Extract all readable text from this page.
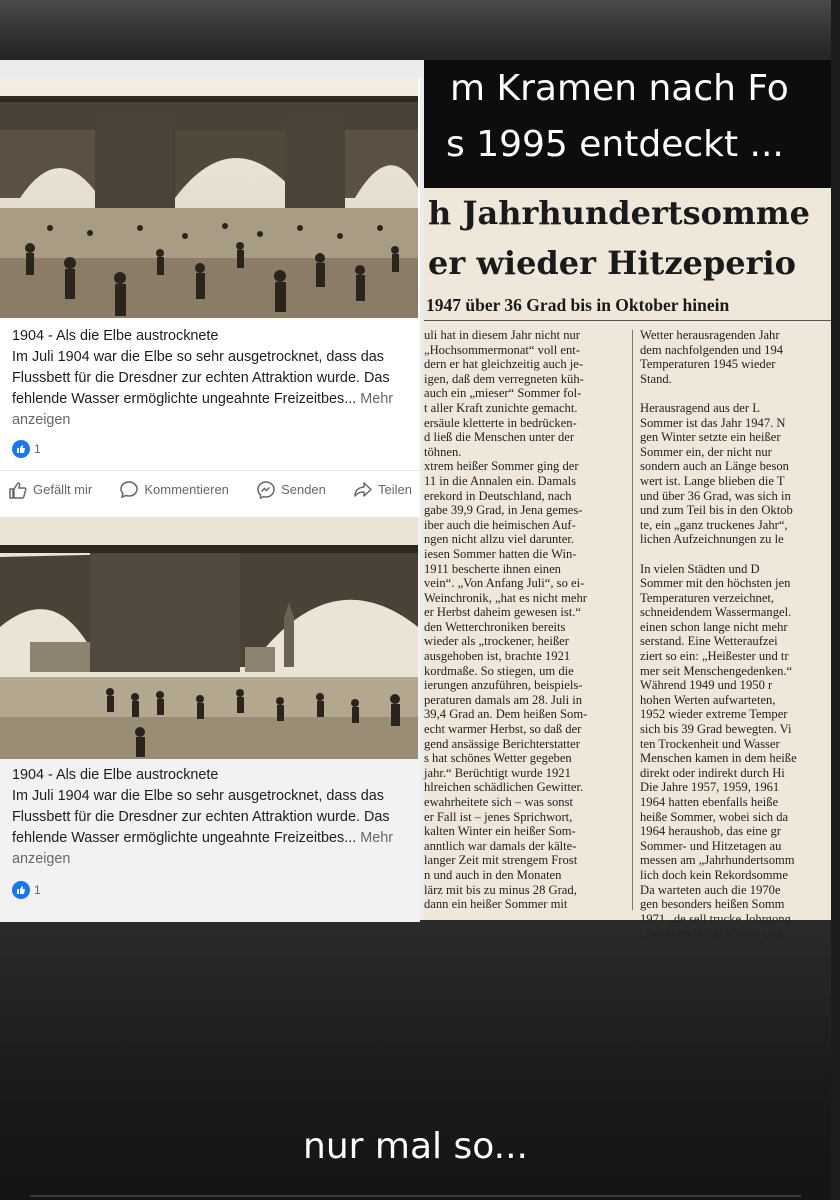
1904 - Als die Elbe austrocknete
Im Juli 1904 war die Elbe so sehr ausgetrocknet, dass das Flussbett für die Dresdner zur echten Attraktion wurde. Das fehlende Wasser ermöglichte ungeahnte Freizeitbes... Mehr anzeigen
1
Gefällt mir	Kommentieren	Senden	Teilen
1904 - Als die Elbe austrocknete
Im Juli 1904 war die Elbe so sehr ausgetrocknet, dass das Flussbett für die Dresdner zur echten Attraktion wurde. Das fehlende Wasser ermöglichte ungeahnte Freizeitbes... Mehr anzeigen
1
m Kramen nach Fo
s 1995 entdeckt ...
h Jahrhundertsomme
er wieder Hitzeperio
1947 über 36 Grad bis in Oktober hinein
uli hat in diesem Jahr nicht nur
„Hochsommermonat“ voll ent-
dern er hat gleichzeitig auch je-
igen, daß dem verregneten küh-
auch ein „mieser“ Sommer fol-
t aller Kraft zunichte gemacht.
ersäule kletterte in bedrücken-
d ließ die Menschen unter der
töhnen.
xtrem heißer Sommer ging der
11 in die Annalen ein. Damals
erekord in Deutschland, nach
gabe 39,9 Grad, in Jena gemes-
iber auch die heimischen Auf-
ngen nicht allzu viel darunter.
iesen Sommer hatten die Win-
1911 bescherte ihnen einen
vein“. „Von Anfang Juli“, so ei-
Weinchronik, „hat es nicht mehr
er Herbst daheim gewesen ist.“
den Wetterchroniken bereits
wieder als „trockener, heißer
ausgehoben ist, brachte 1921
kordmaße. So stiegen, um die
ierungen anzuführen, beispiels-
peraturen damals am 28. Juli in
39,4 Grad an. Dem heißen Som-
echt warmer Herbst, so daß der
gend ansässige Berichterstatter
s hat schönes Wetter gegeben
jahr.“ Berüchtigt wurde 1921
hlreichen schädlichen Gewitter.
ewahrheitete sich – was sonst
er Fall ist – jenes Sprichwort,
kalten Winter ein heißer Som-
anntlich war damals der kälte-
langer Zeit mit strengem Frost
n und auch in den Monaten
lärz mit bis zu minus 28 Grad,
dann ein heißer Sommer mit
Wetter herausragenden Jahr
dem nachfolgenden und 194
Temperaturen 1945 wieder
Stand.

Herausragend aus der L
Sommer ist das Jahr 1947. N
gen Winter setzte ein heißer
Sommer ein, der nicht nur
sondern auch an Länge beson
wert ist. Lange blieben die T
und über 36 Grad, was sich in
und zum Teil bis in den Oktob
te, ein „ganz truckenes Jahr“,
lichen Aufzeichnungen zu le

In vielen Städten und D
Sommer mit den höchsten jen
Temperaturen verzeichnet,
schneidendem Wassermangel.
einen schon lange nicht mehr
serstand. Eine Wetteraufzei
ziert so ein: „Heißester und tr
mer seit Menschengedenken.“
Während 1949 und 1950 r
hohen Werten aufwarteten,
1952 wieder extreme Temper
sich bis 39 Grad bewegten. Vi
ten Trockenheit und Wasser
Menschen kamen in dem heiße
direkt oder indirekt durch Hi
Die Jahre 1957, 1959, 1961
1964 hatten ebenfalls heiße
heiße Sommer, wobei sich da
1964 heraushob, das eine gr
Sommer- und Hitzetagen au
messen am „Jahrhundertsomm
lich doch kein Rekordsomme
Da warteten auch die 1970e
gen besonders heißen Somm
1971 „de sell trucke Johrgong
„Sonnenscheinreichtum und
nur mal so...
